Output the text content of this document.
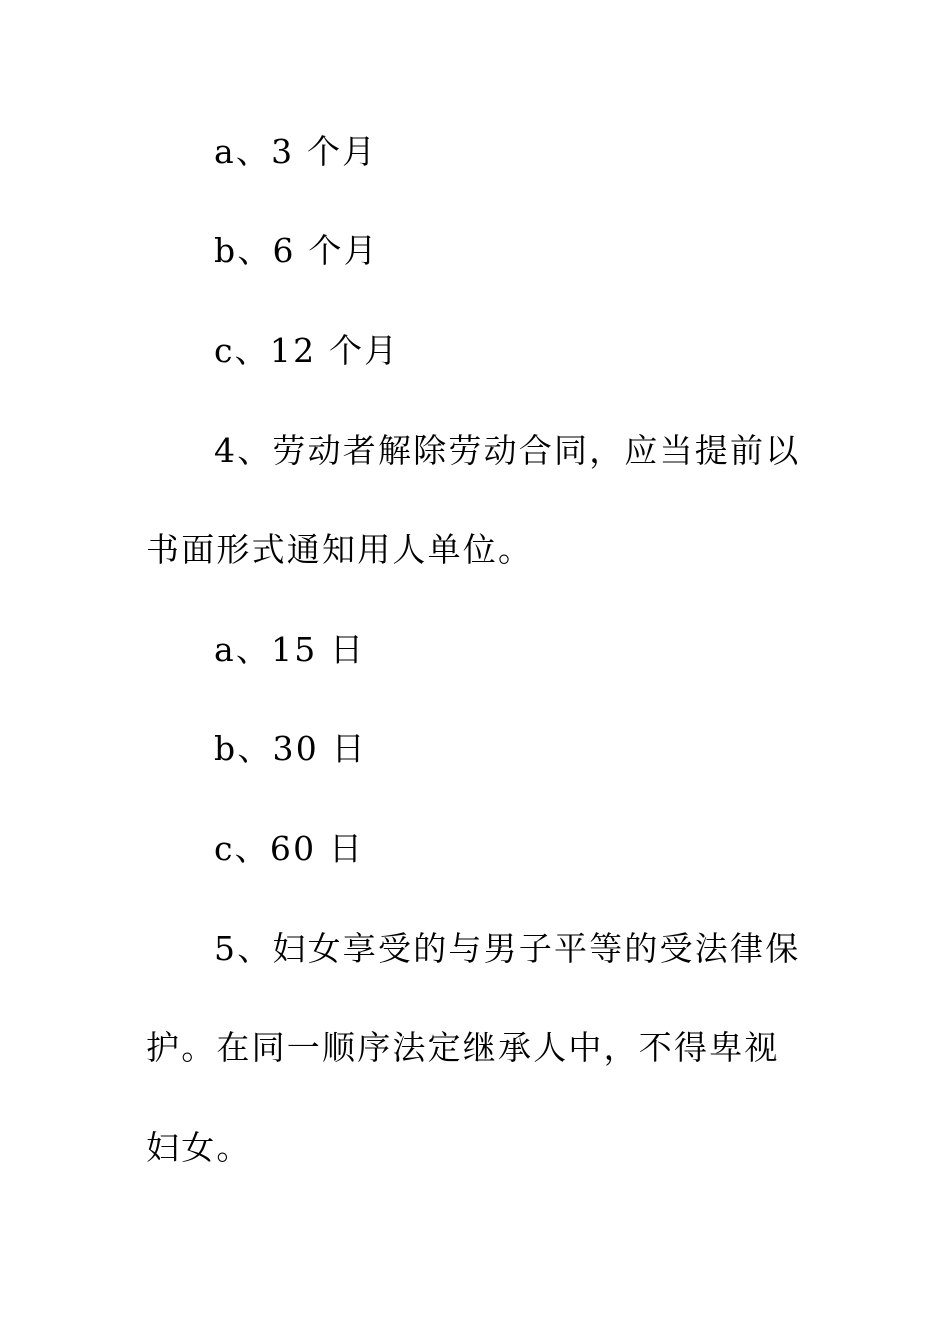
a、3 个月
b、6 个月
c、12 个月
4、劳动者解除劳动合同，应当提前以
书面形式通知用人单位。
a、15 日
b、30 日
c、60 日
5、妇女享受的与男子平等的受法律保
护。在同一顺序法定继承人中，不得卑视
妇女。
